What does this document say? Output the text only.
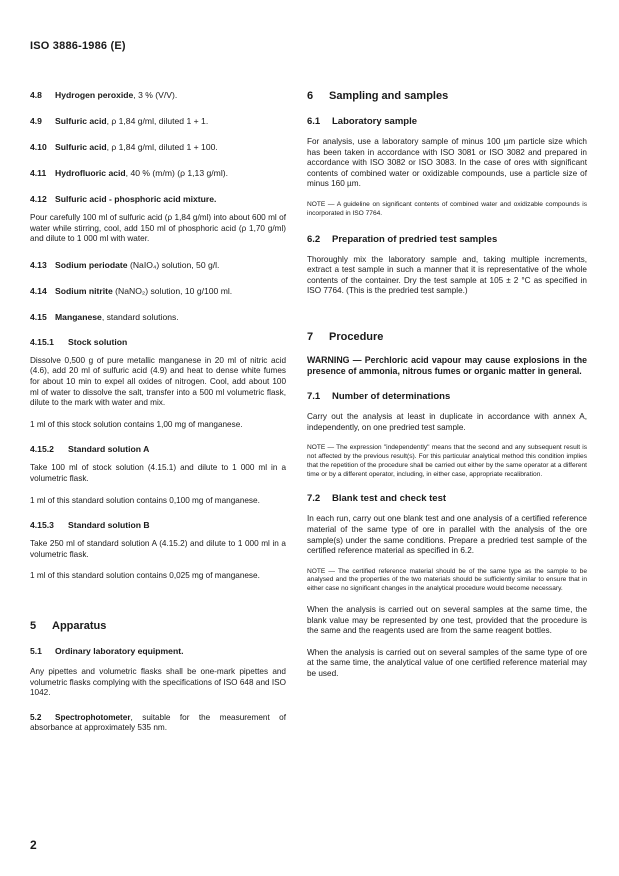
ISO 3886-1986 (E)
4.8 Hydrogen peroxide, 3 % (V/V).
4.9 Sulfuric acid, ρ 1,84 g/ml, diluted 1 + 1.
4.10 Sulfuric acid, ρ 1,84 g/ml, diluted 1 + 100.
4.11 Hydrofluoric acid, 40 % (m/m) (ρ 1,13 g/ml).
4.12 Sulfuric acid - phosphoric acid mixture.

Pour carefully 100 ml of sulfuric acid (ρ 1,84 g/ml) into about 600 ml of water while stirring, cool, add 150 ml of phosphoric acid (ρ 1,70 g/ml) and dilute to 1 000 ml with water.

4.13 Sodium periodate (NaIO₄) solution, 50 g/l.
4.14 Sodium nitrite (NaNO₂) solution, 10 g/100 ml.
4.15 Manganese, standard solutions.
4.15.1 Stock solution

Dissolve 0,500 g of pure metallic manganese in 20 ml of nitric acid (4.6), add 20 ml of sulfuric acid (4.9) and heat to dense white fumes for about 10 min to expel all oxides of nitrogen. Cool, add about 100 ml of water to dissolve the salt, transfer into a 500 ml volumetric flask, dilute to the mark with water and mix.

1 ml of this stock solution contains 1,00 mg of manganese.

4.15.2 Standard solution A

Take 100 ml of stock solution (4.15.1) and dilute to 1 000 ml in a volumetric flask.

1 ml of this standard solution contains 0,100 mg of manganese.

4.15.3 Standard solution B

Take 250 ml of standard solution A (4.15.2) and dilute to 1 000 ml in a volumetric flask.

1 ml of this standard solution contains 0,025 mg of manganese.

5 Apparatus
5.1 Ordinary laboratory equipment.

Any pipettes and volumetric flasks shall be one-mark pipettes and volumetric flasks complying with the specifications of ISO 648 and ISO 1042.

5.2 Spectrophotometer, suitable for the measurement of absorbance at approximately 535 nm.

6 Sampling and samples
6.1 Laboratory sample

For analysis, use a laboratory sample of minus 100 µm particle size which has been taken in accordance with ISO 3081 or ISO 3082 and prepared in accordance with ISO 3082 or ISO 3083. In the case of ores with significant contents of combined water or oxidizable compounds, use a particle size of minus 160 µm.

NOTE — A guideline on significant contents of combined water and oxidizable compounds is incorporated in ISO 7764.

6.2 Preparation of predried test samples

Thoroughly mix the laboratory sample and, taking multiple increments, extract a test sample in such a manner that it is representative of the whole contents of the container. Dry the test sample at 105 ± 2 °C as specified in ISO 7764. (This is the predried test sample.)

7 Procedure

WARNING — Perchloric acid vapour may cause explosions in the presence of ammonia, nitrous fumes or organic matter in general.

7.1 Number of determinations

Carry out the analysis at least in duplicate in accordance with annex A, independently, on one predried test sample.

NOTE — The expression "independently" means that the second and any subsequent result is not affected by the previous result(s). For this particular analytical method this condition implies that the repetition of the procedure shall be carried out either by the same operator at a different time or by a different operator, including, in either case, appropriate recalibration.

7.2 Blank test and check test

In each run, carry out one blank test and one analysis of a certified reference material of the same type of ore in parallel with the analysis of the ore sample(s) under the same conditions. Prepare a predried test sample of the certified reference material as specified in 6.2.

NOTE — The certified reference material should be of the same type as the sample to be analysed and the properties of the two materials should be sufficiently similar to ensure that in either case no significant changes in the analytical procedure would become necessary.

When the analysis is carried out on several samples at the same time, the blank value may be represented by one test, provided that the procedure is the same and the reagents used are from the same reagent bottles.

When the analysis is carried out on several samples of the same type of ore at the same time, the analytical value of one certified reference material may be used.

2
